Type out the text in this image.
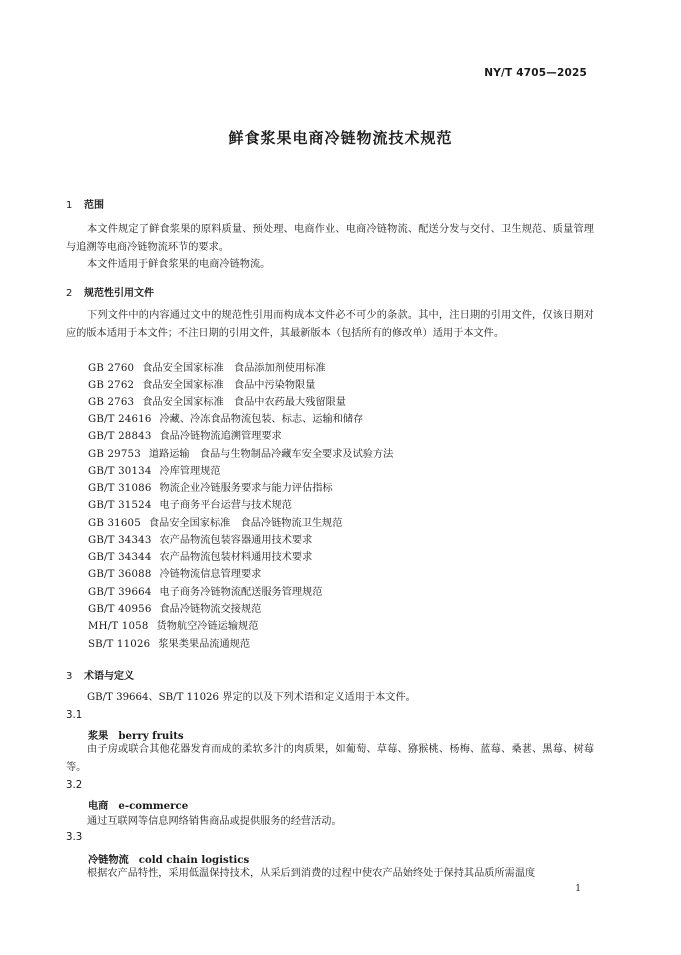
NY/T 4705—2025
鲜食浆果电商冷链物流技术规范
1 范围

本文件规定了鲜食浆果的原料质量、预处理、电商作业、电商冷链物流、配送分发与交付、卫生规范、质量管理与追溯等电商冷链物流环节的要求。

本文件适用于鲜食浆果的电商冷链物流。

2 规范性引用文件

下列文件中的内容通过文中的规范性引用而构成本文件必不可少的条款。其中，注日期的引用文件，仅该日期对应的版本适用于本文件；不注日期的引用文件，其最新版本（包括所有的修改单）适用于本文件。

GB 2760 食品安全国家标准　食品添加剂使用标准
GB 2762 食品安全国家标准　食品中污染物限量
GB 2763 食品安全国家标准　食品中农药最大残留限量
GB/T 24616 冷藏、冷冻食品物流包装、标志、运输和储存
GB/T 28843 食品冷链物流追溯管理要求
GB 29753 道路运输　食品与生物制品冷藏车安全要求及试验方法
GB/T 30134 冷库管理规范
GB/T 31086 物流企业冷链服务要求与能力评估指标
GB/T 31524 电子商务平台运营与技术规范
GB 31605 食品安全国家标准　食品冷链物流卫生规范
GB/T 34343 农产品物流包装容器通用技术要求
GB/T 34344 农产品物流包装材料通用技术要求
GB/T 36088 冷链物流信息管理要求
GB/T 39664 电子商务冷链物流配送服务管理规范
GB/T 40956 食品冷链物流交接规范
MH/T 1058 货物航空冷链运输规范
SB/T 11026 浆果类果品流通规范
3 术语与定义

GB/T 39664、SB/T 11026 界定的以及下列术语和定义适用于本文件。

3.1
浆果 berry fruits

由子房或联合其他花器发育而成的柔软多汁的肉质果，如葡萄、草莓、猕猴桃、杨梅、蓝莓、桑葚、黑莓、树莓等。

3.2
电商 e-commerce

通过互联网等信息网络销售商品或提供服务的经营活动。

3.3
冷链物流 cold chain logistics

根据农产品特性，采用低温保持技术，从采后到消费的过程中使农产品始终处于保持其品质所需温度

1
